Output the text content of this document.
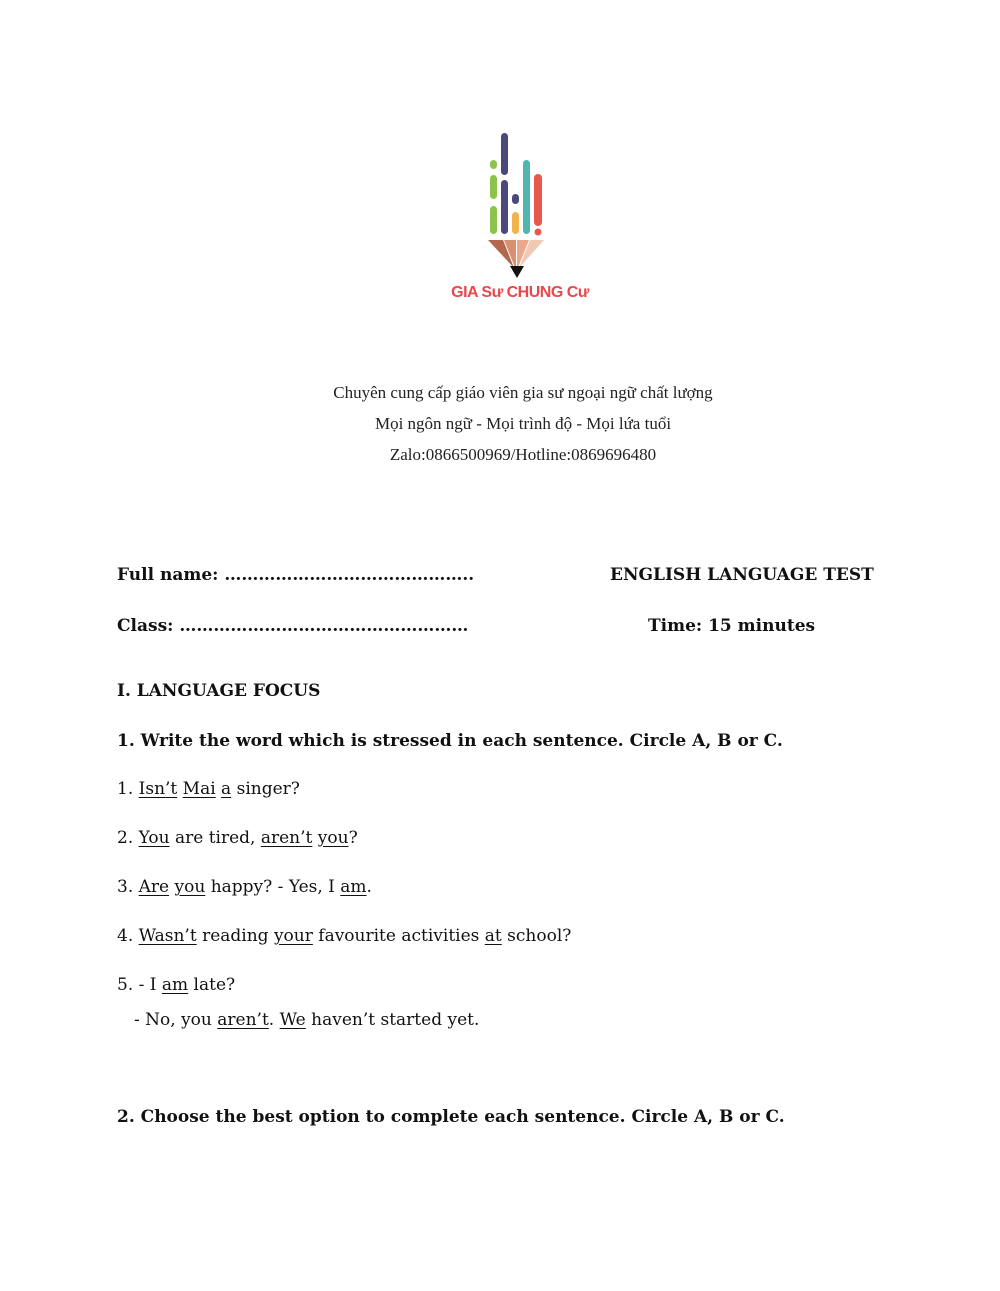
GIA Sư CHUNG Cư
Chuyên cung cấp giáo viên gia sư ngoại ngữ chất lượng
Mọi ngôn ngữ - Mọi trình độ - Mọi lứa tuổi
Zalo:0866500969/Hotline:0869696480
Full name: ……………………………………..	ENGLISH LANGUAGE TEST
Class: ……………………………………………	Time: 15 minutes
I. LANGUAGE FOCUS
1. Write the word which is stressed in each sentence. Circle A, B or C.
1. Isn’t Mai a singer?
2. You are tired, aren’t you?
3. Are you happy? - Yes, I am.
4. Wasn’t reading your favourite activities at school?
5. - I am late?
- No, you aren’t. We haven’t started yet.
2. Choose the best option to complete each sentence. Circle A, B or C.
